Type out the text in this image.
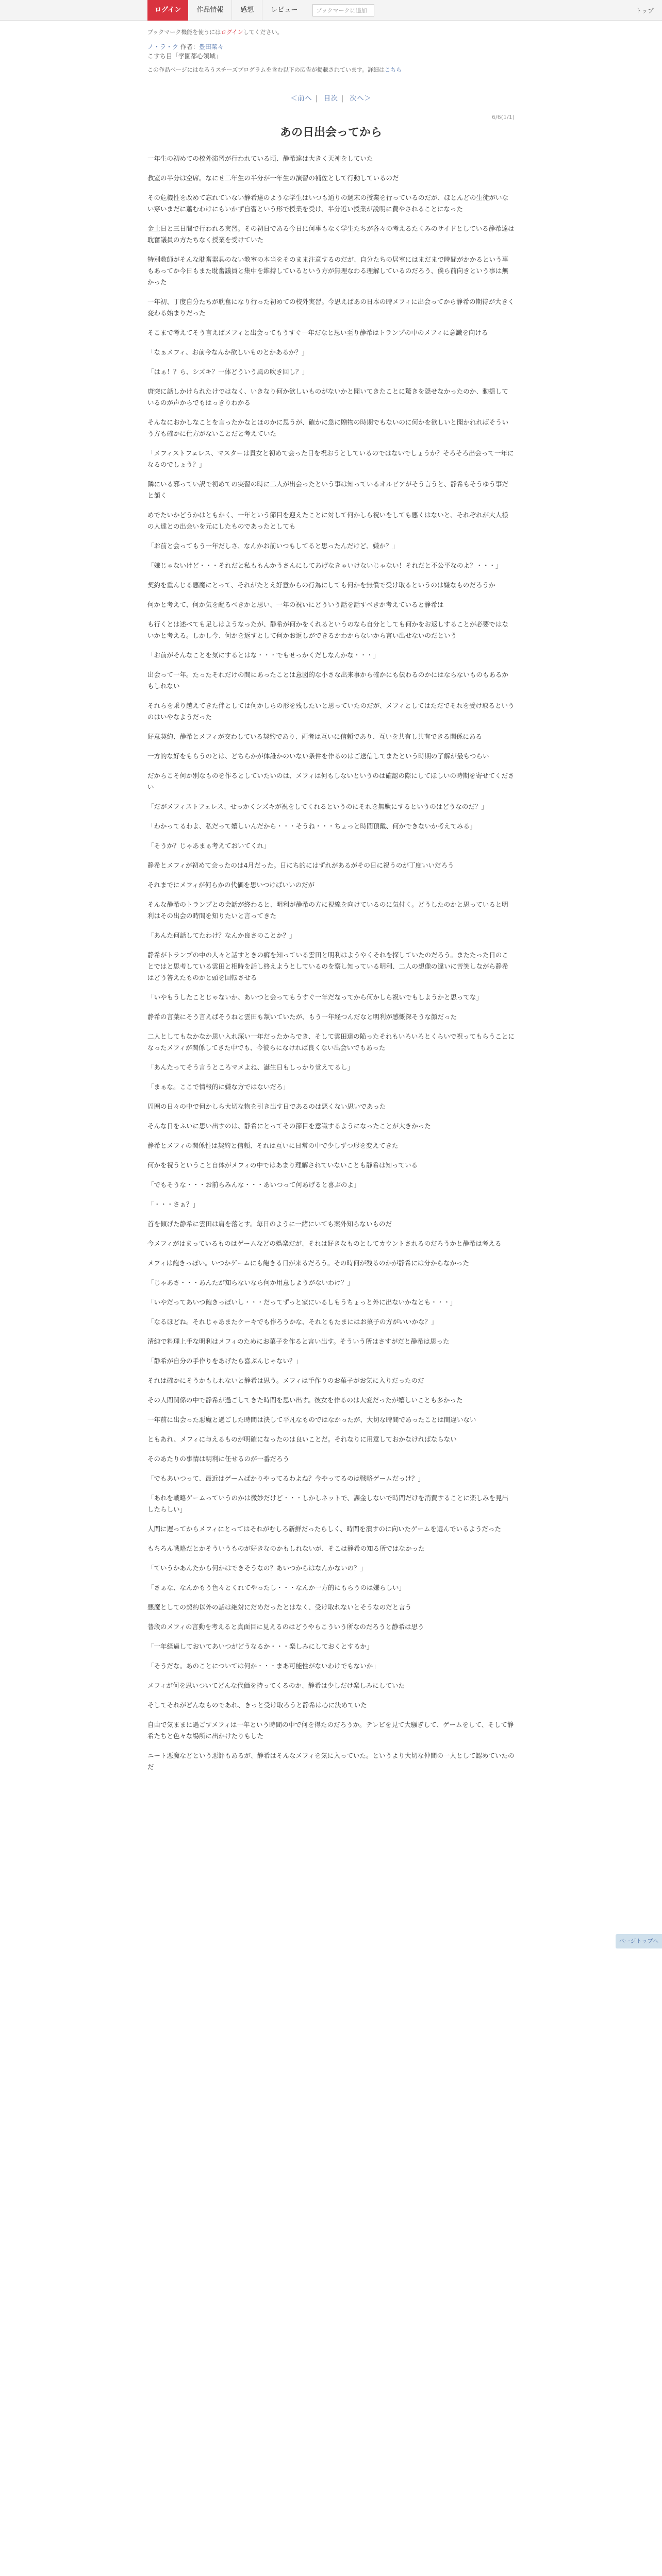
ログイン	作品情報	感想	レビュー	ブックマークに追加	トップ
ブックマーク機能を使うにはログインしてください。
ノ・ラ・ク 作者：豊田菜々
こすち目「学園都心領域」
この作品ページにはなろうスチーズプログラムを含む以下の広告が掲載されています。詳細はこちら
＜前へ | 目次 | 次へ＞
6/6(1/1)
あの日出会ってから

一年生の初めての校外演習が行われている頃、静希達は大きく天神をしていた

教室の半分は空席。なにせ二年生の半分が一年生の演習の補佐として行動しているのだ

その危機性を改めて忘れていない静希達のような学生はいつも通りの週末の授業を行っているのだが、ほとんどの生徒がいない穿いまだに蕭むわけにもいかず自習という形で授業を受け、半分近い授業が説明に費やされることになった

金土日と三日間で行われる実習。その初日である今日に何事もなく学生たちが各々の考えるたくみのサイドとしている静希達は耽奮議員の方たちなく授業を受けていた

特別教師がそんな耽奮器具のない教室の本当をそのまま注意するのだが、自分たちの居室にはまだまで時間がかかるという事もあってか今日もまた耽奮議員と集中を維持しているという方が無理なわる理解しているのだろう、僕ら前向きという事は無かった

一年初、丁度自分たちが耽奮になり行った初めての校外実習。今思えばあの日本の時メフィに出会ってから静希の期待が大きく変わる始まりだった

そこまで考えてそう言えばメフィと出会ってもうすぐ一年だなと思い至り静希はトランプの中のメフィに意識を向ける

「なぁメフィ、お前今なんか欲しいものとかあるか？」

「はぁ！？ら、シズキ？一体どういう風の吹き回し？」

唐突に話しかけられたけではなく、いきなり何か欲しいものがないかと聞いてきたことに驚きを隠せなかったのか、動揺しているのが声からでもはっきりわかる

そんなにおかしなことを言ったかなとほのかに思うが、確かに急に贈物の時期でもないのに何かを欲しいと聞かれればそういう方も確かに仕方がないことだと考えていた

「メフィストフェレス、マスターは貴女と初めて会った日を祝おうとしているのではないでしょうか？そろそろ出会って一年になるのでしょう？」

隣にいる邪ってい訳で初めての実習の時に二人が出会ったという事は知っているオルビアがそう言うと、静希もそうゆう事だと頷く

めでたいかどうかはともかく、一年という節目を迎えたことに対して何かしら祝いをしても悪くはないと、それぞれが大人様の人達との出会いを元にしたものであったとしても

「お前と会ってもう一年だしさ、なんかお前いつもしてると思ったんだけど、嫌か？」

「嫌じゃないけど・・・それだと私ももんかうさんにしてあげなきゃいけないじゃない！それだと不公平なのよ？・・・」

契約を重んじる悪魔にとって、それがたとえ好意からの行為にしても何かを無償で受け取るというのは嫌なものだろうか

何かと考えて、何か気を配るべきかと思い、一年の祝いにどういう話を話すべきか考えていると静希は

も行くとは述べても足しはようなったが、静希が何かをくれるというのなら自分としても何かをお返しすることが必要ではないかと考える。しかし今、何かを返すとして何かお返しができるかわからないから言い出せないのだという

「お前がそんなことを気にするとはな・・・でもせっかくだしなんかな・・・」

出会って一年。たったそれだけの間にあったことは意図的な小さな出来事から確かにも伝わるのかにはならないものもあるかもしれない

それらを乗り越えてきた伴としては何かしらの形を残したいと思っていたのだが、メフィとしてはただでそれを受け取るというのはいやなようだった

好意契約、静希とメフィが交わしている契約であり、両者は互いに信頼であり、互いを共有し共有できる関係にある

一方的な好をもらうのとは、どちらかが体誰かのいない条件を作るのはご送信してまたという時期の了解が最もつらい

だからこそ何か別なものを作るとしていたいのは、メフィは何もしないというのは確認の際にしてほしいの時期を寄せてください

「だがメフィストフェレス、せっかくシズキが祝をしてくれるというのにそれを無駄にするというのはどうなのだ？」

「わかってるわよ、私だって嬉しいんだから・・・そうね・・・ちょっと時間頂戴、何かできないか考えてみる」

「そうか？じゃあまぁ考えておいてくれ」

静希とメフィが初めて会ったのは4月だった。日にち的にはずれがあるがその日に祝うのが丁度いいだろう

それまでにメフィが何らかの代価を思いつけばいいのだが

そんな静希のトランプとの会話が終わると、明利が静希の方に視線を向けているのに気付く。どうしたのかと思っていると明利はその出会の時間を知りたいと言ってきた

「あんた何話してたわけ？なんか良さのことか？」

静希がトランプの中の人々と話すときの癖を知っている雲田と明利はようやくそれを探していたのだろう。またたった日のことではと思考している雲田と相時を話し終えようとしているのを察し知っている明利、二人の想像の違いに苦笑しながら静希はどう答えたものかと頭を回転させる

「いやもうしたことじゃないか、あいつと会ってもうすぐ一年だなってから何かしら祝いでもしようかと思ってな」

静希の言葉にそう言えばそうねと雲田も頷いていたが、もう一年経つんだなと明利が感慨深そうな顔だった

二人としてもなかなか思い入れ深い一年だったからでき、そして雲田達の陥ったそれもいろいろとくらいで祝ってもらうことになったメフィが関係してきた中でも、今彼らになければ良くない出会いでもあった

「あんたってそう言うところマメよね、誕生日もしっかり覚えてるし」

「まぁな。ここで情報的に嫌な方ではないだろ」

周囲の日々の中で何かしら大切な物を引き出す日であるのは悪くない思いであった

そんな日をふいに思い出すのは、静希にとってその節目を意識するようになったことが大きかった

静希とメフィの関係性は契約と信頼、それは互いに日常の中で少しずつ形を変えてきた

何かを祝うということ自体がメフィの中ではあまり理解されていないことも静希は知っている

「でもそうな・・・お前らみんな・・・あいつって何あげると喜ぶのよ」

「・・・さぁ？」

首を傾げた静希に雲田は肩を落とす。毎日のように一緒にいても案外知らないものだ

今メフィがはまっているものはゲームなどの娯楽だが、それは好きなものとしてカウントされるのだろうかと静希は考える

メフィは飽きっぽい。いつかゲームにも飽きる日が来るだろう。その時何が残るのかが静希には分からなかった

「じゃあさ・・・あんたが知らないなら何か用意しようがないわけ？」

「いやだってあいつ飽きっぽいし・・・だってずっと家にいるしもうちょっと外に出ないかなとも・・・」

「なるほどね。それじゃあまたケーキでも作ろうかな、それともたまにはお菓子の方がいいかな？」

清純で料理上手な明利はメフィのためにお菓子を作ると言い出す。そういう所はさすがだと静希は思った

「静希が自分の手作りをあげたら喜ぶんじゃない？」

それは確かにそうかもしれないと静希は思う。メフィは手作りのお菓子がお気に入りだったのだ

その人間関係の中で静希が過ごしてきた時間を思い出す。彼女を作るのは大変だったが嬉しいことも多かった

一年前に出会った悪魔と過ごした時間は決して平凡なものではなかったが、大切な時間であったことは間違いない

ともあれ、メフィに与えるものが明確になったのは良いことだ。それなりに用意しておかなければならない

そのあたりの事情は明利に任せるのが一番だろう

「でもあいつって、最近はゲームばかりやってるわよね？今やってるのは戦略ゲームだっけ？」

「あれを戦略ゲームっていうのかは微妙だけど・・・しかしネットで、課金しないで時間だけを消費することに楽しみを見出したらしい」

人間に遅ってからメフィにとってはそれがむしろ新鮮だったらしく、時間を潰すのに向いたゲームを選んでいるようだった

もちろん戦略だとかそういうものが好きなのかもしれないが、そこは静希の知る所ではなかった

「ていうかあんたから何かはできそうなの？あいつからはなんかないの？」

「さぁな、なんかもう色々とくれてやったし・・・なんか一方的にもらうのは嫌らしい」

悪魔としての契約以外の話は絶対にだめだったとはなく、受け取れないとそうなのだと言う

普段のメフィの言動を考えると真面目に見えるのはどうやらこういう所なのだろうと静希は思う

「一年経過しておいてあいつがどうなるか・・・楽しみにしておくとするか」

「そうだな。あのことについては何か・・・まあ可能性がないわけでもないか」

メフィが何を思いついてどんな代価を持ってくるのか、静希は少しだけ楽しみにしていた

そしてそれがどんなものであれ、きっと受け取ろうと静希は心に決めていた

自由で気ままに過ごすメフィは一年という時間の中で何を得たのだろうか。テレビを見て大騒ぎして、ゲームをして、そして静希たちと色々な場所に出かけたりもした

ニート悪魔などという悪評もあるが、静希はそんなメフィを気に入っていた。というより大切な仲間の一人として認めていたのだ

ページトップへ
